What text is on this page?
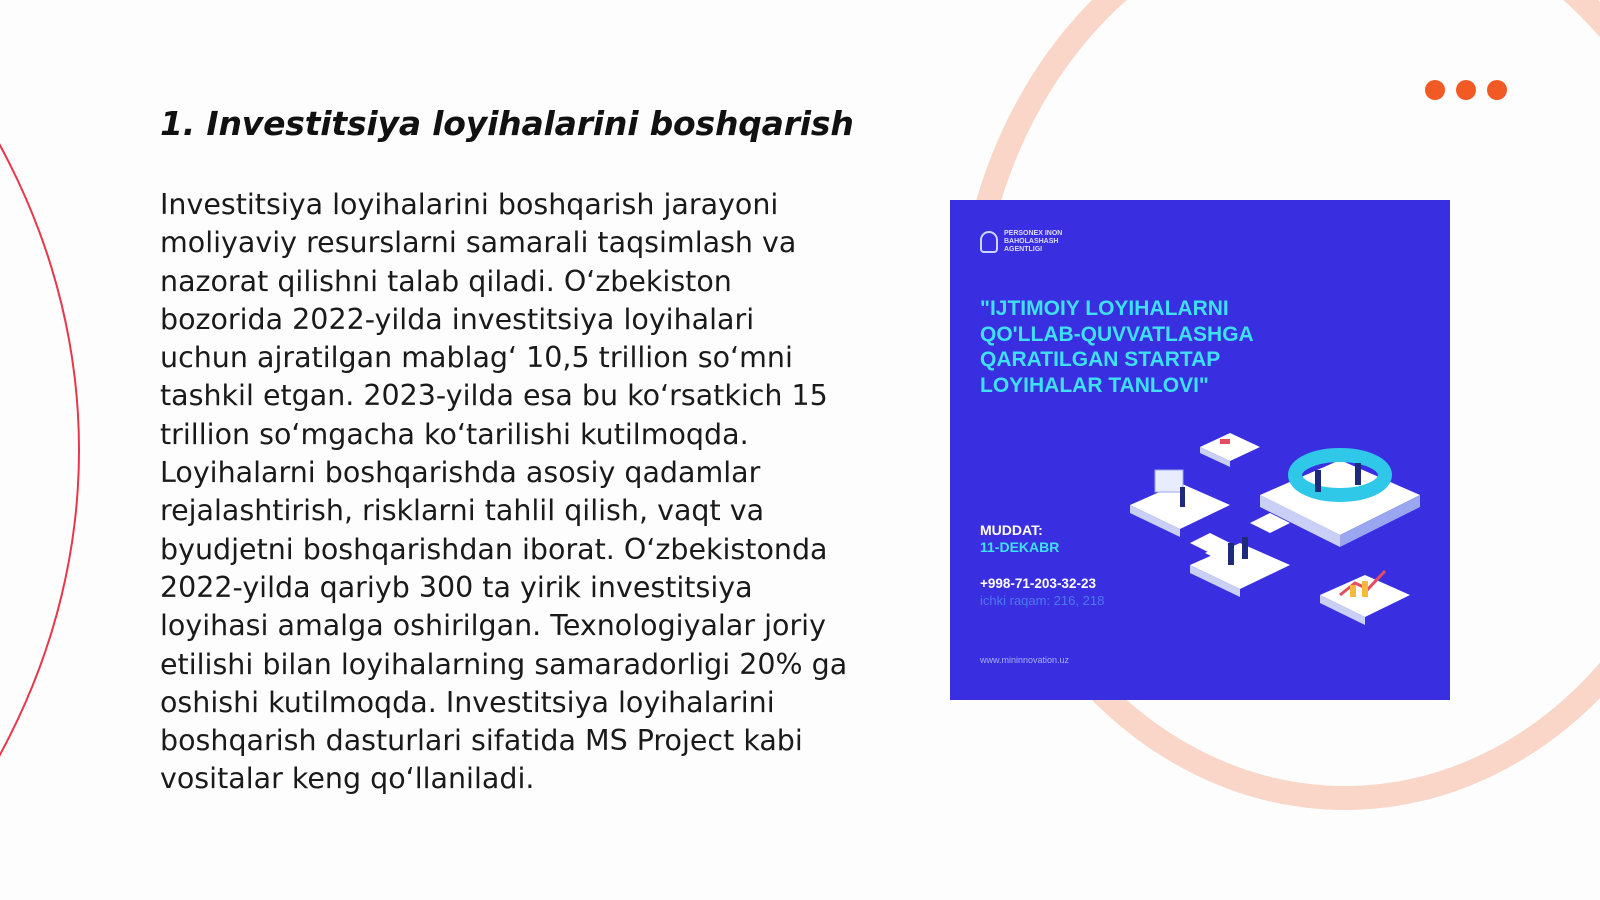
1. Investitsiya loyihalarini boshqarish

Investitsiya loyihalarini boshqarish jarayoni moliyaviy resurslarni samarali taqsimlash va nazorat qilishni talab qiladi. O‘zbekiston bozorida 2022-yilda investitsiya loyihalari uchun ajratilgan mablag‘ 10,5 trillion so‘mni tashkil etgan. 2023-yilda esa bu ko‘rsatkich 15 trillion so‘mgacha ko‘tarilishi kutilmoqda. Loyihalarni boshqarishda asosiy qadamlar rejalashtirish, risklarni tahlil qilish, vaqt va byudjetni boshqarishdan iborat. O‘zbekistonda 2022-yilda qariyb 300 ta yirik investitsiya loyihasi amalga oshirilgan. Texnologiyalar joriy etilishi bilan loyihalarning samaradorligi 20% ga oshishi kutilmoqda. Investitsiya loyihalarini boshqarish dasturlari sifatida MS Project kabi vositalar keng qo‘llaniladi.

PERSONEX INON BAHOLASHASH AGENTLIGI
"IJTIMOIY LOYIHALARNI QO'LLAB-QUVVATLASHGA QARATILGAN STARTAP LOYIHALAR TANLOVI"
MUDDAT:
11-DEKABR
+998-71-203-32-23
ichki raqam: 216, 218
www.mininnovation.uz
